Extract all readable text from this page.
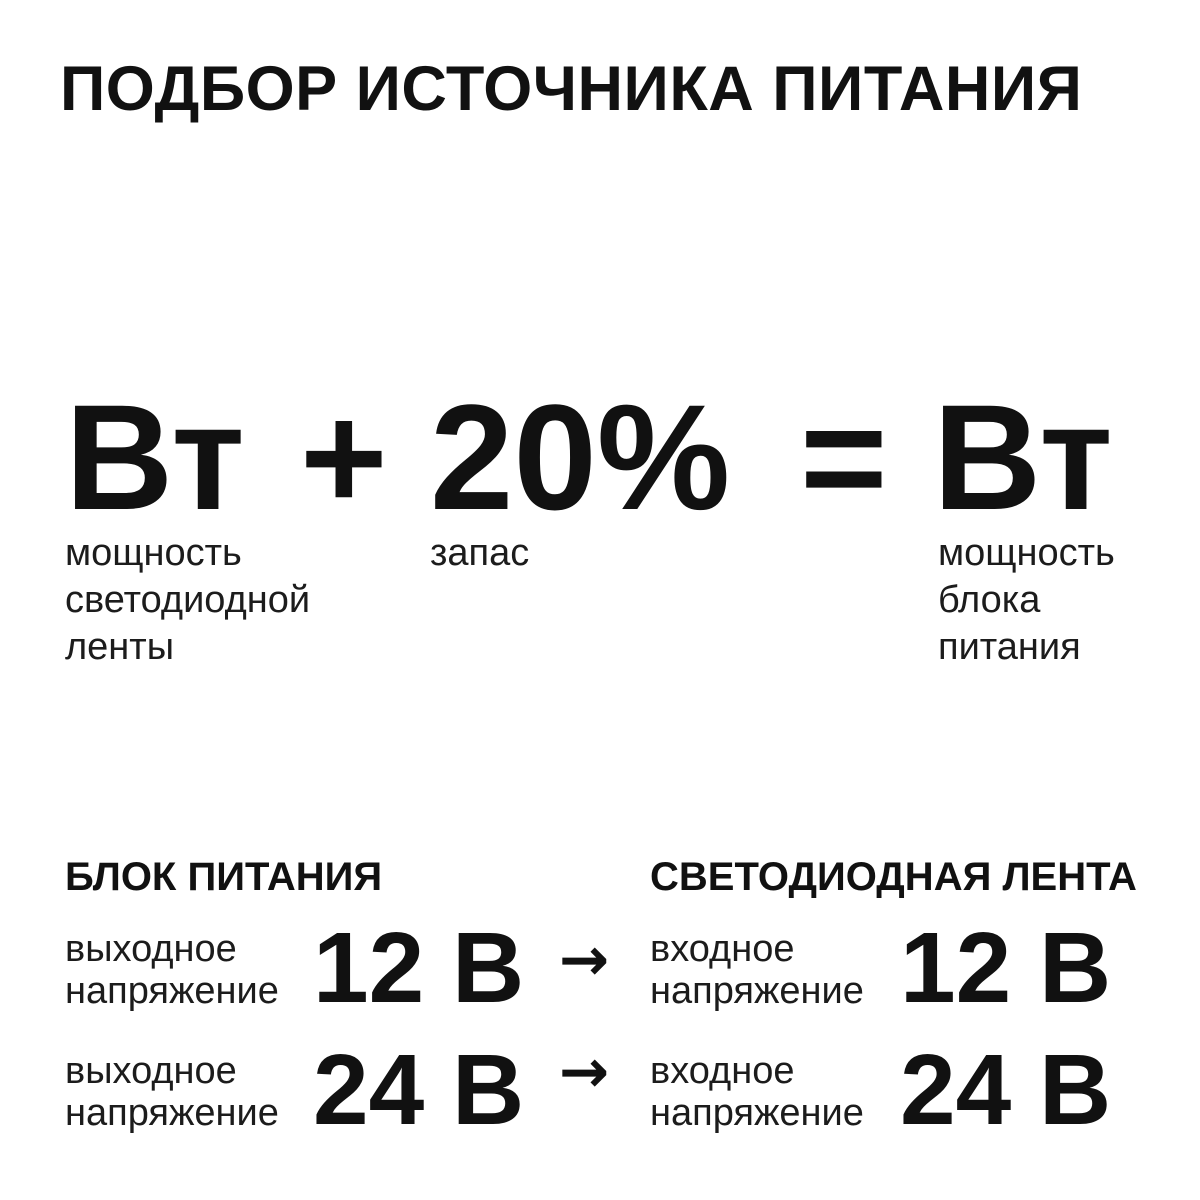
ПОДБОР ИСТОЧНИКА ПИТАНИЯ
Вт + 20% = Вт
мощность
светодиодной
ленты
запас	мощность
блока
питания
БЛОК ПИТАНИЯ	СВЕТОДИОДНАЯ ЛЕНТА
выходное
напряжение 12 В → входное
напряжение 12 В
выходное
напряжение 24 В → входное
напряжение 24 В
